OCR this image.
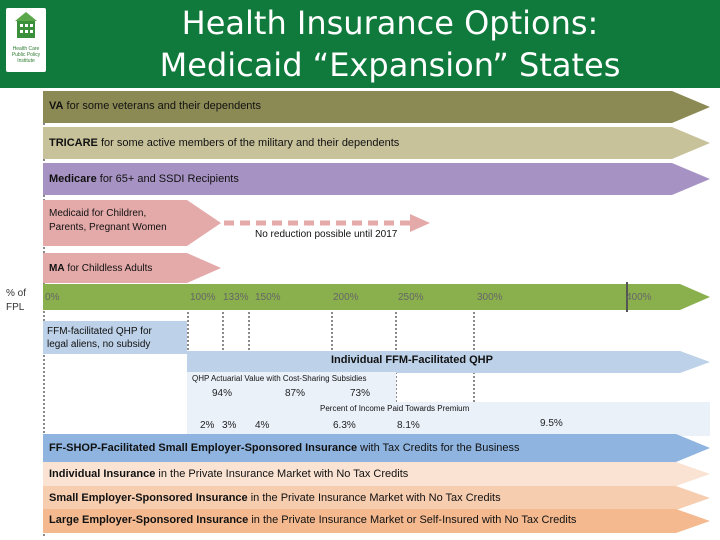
Health Care Public Policy Institute
Health Insurance Options:
Medicaid “Expansion” States
VA for some veterans and their dependents
TRICARE for some active members of the military and their dependents
Medicare for 65+ and SSDI Recipients
Medicaid for Children,
Parents, Pregnant Women
No reduction possible until 2017
MA for Childless Adults
% of
FPL
0%	100% 133% 150%	200%	250%	300%	400%
FFM-facilitated QHP for
legal aliens, no subsidy
Individual FFM-Facilitated QHP
QHP Actuarial Value with Cost-Sharing Subsidies
94%	87%	73%
Percent of Income Paid Towards Premium
2% 3% 4%	6.3%	8.1%	9.5%
FF-SHOP-Facilitated Small Employer-Sponsored Insurance with Tax Credits for the Business
Individual Insurance in the Private Insurance Market with No Tax Credits
Small Employer-Sponsored Insurance in the Private Insurance Market with No Tax Credits
Large Employer-Sponsored Insurance in the Private Insurance Market or Self-Insured with No Tax Credits
